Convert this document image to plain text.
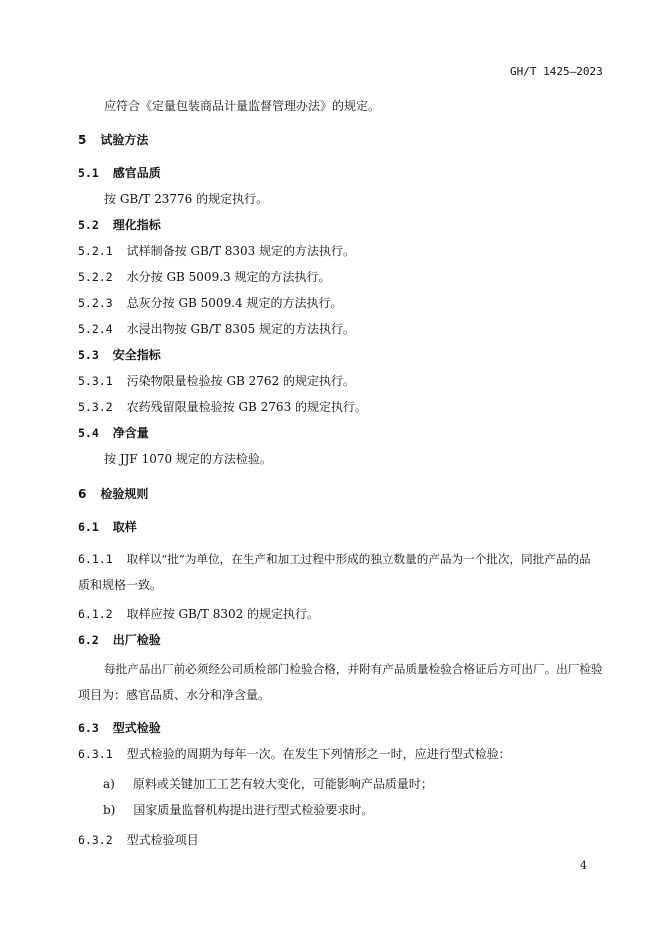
GH/T 1425—2023
应符合《定量包装商品计量监督管理办法》的规定。
5 试验方法
5.1 感官品质
按 GB/T 23776 的规定执行。
5.2 理化指标
5.2.1 试样制备按 GB/T 8303 规定的方法执行。
5.2.2 水分按 GB 5009.3 规定的方法执行。
5.2.3 总灰分按 GB 5009.4 规定的方法执行。
5.2.4 水浸出物按 GB/T 8305 规定的方法执行。
5.3 安全指标
5.3.1 污染物限量检验按 GB 2762 的规定执行。
5.3.2 农药残留限量检验按 GB 2763 的规定执行。
5.4 净含量
按 JJF 1070 规定的方法检验。
6 检验规则
6.1 取样
6.1.1 取样以“批”为单位，在生产和加工过程中形成的独立数量的产品为一个批次，同批产品的品
质和规格一致。
6.1.2 取样应按 GB/T 8302 的规定执行。
6.2 出厂检验
每批产品出厂前必须经公司质检部门检验合格，并附有产品质量检验合格证后方可出厂。出厂检验
项目为：感官品质、水分和净含量。
6.3 型式检验
6.3.1 型式检验的周期为每年一次。在发生下列情形之一时，应进行型式检验：
a) 原料或关键加工工艺有较大变化，可能影响产品质量时；
b) 国家质量监督机构提出进行型式检验要求时。
6.3.2 型式检验项目
4
